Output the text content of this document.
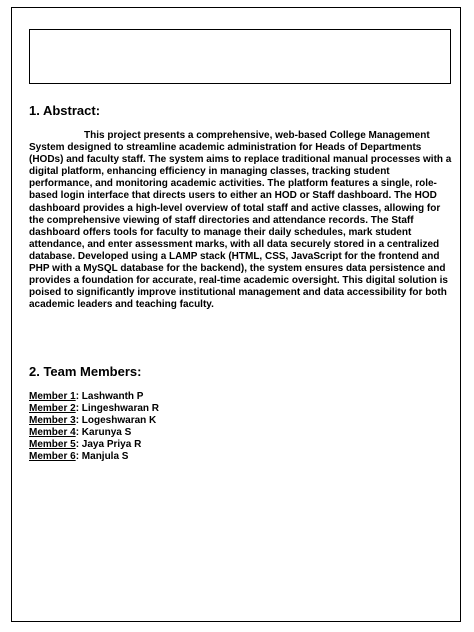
1. Abstract:

This project presents a comprehensive, web-based College Management System designed to streamline academic administration for Heads of Departments (HODs) and faculty staff. The system aims to replace traditional manual processes with a digital platform, enhancing efficiency in managing classes, tracking student performance, and monitoring academic activities. The platform features a single, role-based login interface that directs users to either an HOD or Staff dashboard. The HOD dashboard provides a high-level overview of total staff and active classes, allowing for the comprehensive viewing of staff directories and attendance records. The Staff dashboard offers tools for faculty to manage their daily schedules, mark student attendance, and enter assessment marks, with all data securely stored in a centralized database. Developed using a LAMP stack (HTML, CSS, JavaScript for the frontend and PHP with a MySQL database for the backend), the system ensures data persistence and provides a foundation for accurate, real-time academic oversight. This digital solution is poised to significantly improve institutional management and data accessibility for both academic leaders and teaching faculty.

2. Team Members:
Member 1: Lashwanth P
Member 2: Lingeshwaran R
Member 3: Logeshwaran K
Member 4: Karunya S
Member 5: Jaya Priya R
Member 6: Manjula S
